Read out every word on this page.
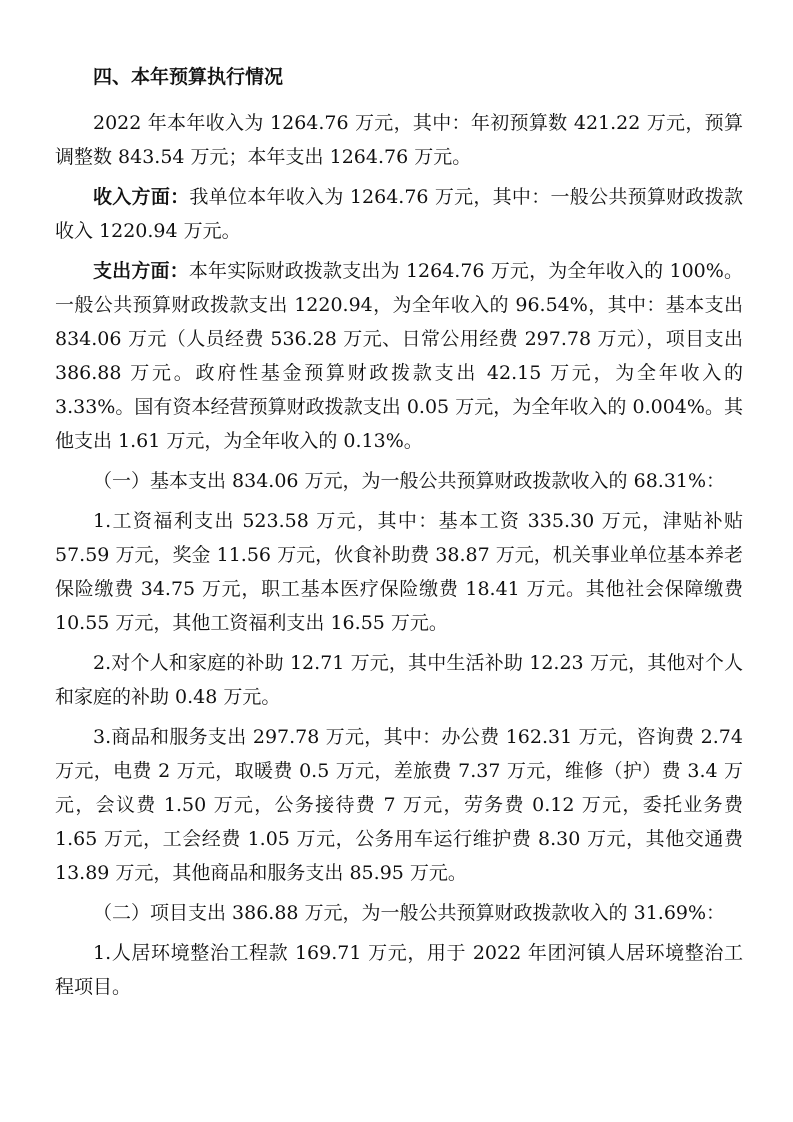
四、本年预算执行情况

2022 年本年收入为 1264.76 万元，其中：年初预算数 421.22 万元，预算调整数 843.54 万元；本年支出 1264.76 万元。

收入方面：我单位本年收入为 1264.76 万元，其中：一般公共预算财政拨款收入 1220.94 万元。

支出方面：本年实际财政拨款支出为 1264.76 万元，为全年收入的 100%。一般公共预算财政拨款支出 1220.94，为全年收入的 96.54%，其中：基本支出 834.06 万元（人员经费 536.28 万元、日常公用经费 297.78 万元），项目支出 386.88 万元。政府性基金预算财政拨款支出 42.15 万元，为全年收入的 3.33%。国有资本经营预算财政拨款支出 0.05 万元，为全年收入的 0.004%。其他支出 1.61 万元，为全年收入的 0.13%。

（一）基本支出 834.06 万元，为一般公共预算财政拨款收入的 68.31%：

1.工资福利支出 523.58 万元，其中：基本工资 335.30 万元，津贴补贴 57.59 万元，奖金 11.56 万元，伙食补助费 38.87 万元，机关事业单位基本养老保险缴费 34.75 万元，职工基本医疗保险缴费 18.41 万元。其他社会保障缴费 10.55 万元，其他工资福利支出 16.55 万元。

2.对个人和家庭的补助 12.71 万元，其中生活补助 12.23 万元，其他对个人和家庭的补助 0.48 万元。

3.商品和服务支出 297.78 万元，其中：办公费 162.31 万元，咨询费 2.74 万元，电费 2 万元，取暖费 0.5 万元，差旅费 7.37 万元，维修（护）费 3.4 万元，会议费 1.50 万元，公务接待费 7 万元，劳务费 0.12 万元，委托业务费 1.65 万元，工会经费 1.05 万元，公务用车运行维护费 8.30 万元，其他交通费 13.89 万元，其他商品和服务支出 85.95 万元。

（二）项目支出 386.88 万元，为一般公共预算财政拨款收入的 31.69%：

1.人居环境整治工程款 169.71 万元，用于 2022 年团河镇人居环境整治工程项目。
